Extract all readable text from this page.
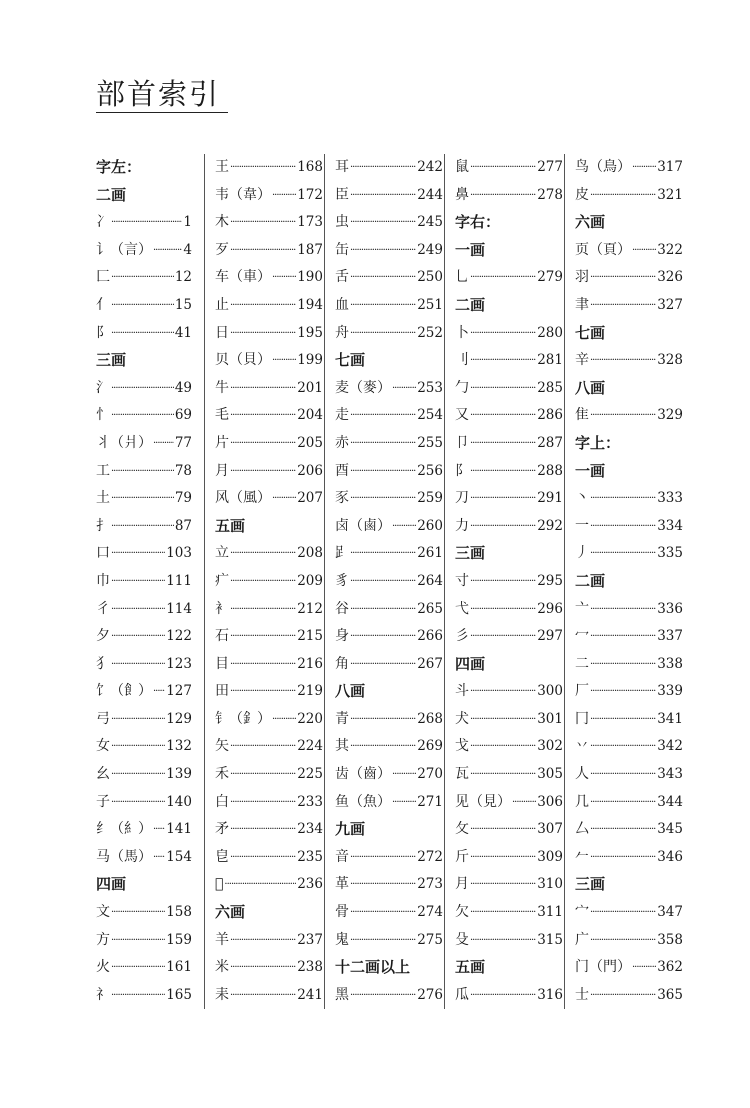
部首索引
字左：
二画
冫 ·····	1
讠（言） ····· 4
匚 ·····	12
亻 ·····	15
阝 ·····	41
三画
氵 ·····	49
忄 ·····	69
丬（爿） ····· 77
工 ·····	78
土 ·····	79
扌 ·····	87
口 ·····	103
巾 ·····	111
彳 ·····	114
夕 ·····	122
犭 ·····	123
饣（飠） ····· 127
弓 ·····	129
女 ·····	132
幺 ·····	139
子 ·····	140
纟（糹） ····· 141
马（馬） ····· 154
四画
文 ·····	158
方 ·····	159
火 ·····	161
礻 ·····	165
王 ·····	168
韦（韋） ····· 172
木 ·····	173
歹 ·····	187
车（車） ····· 190
止 ·····	194
日 ·····	195
贝（貝） ····· 199
牛 ·····	201
毛 ·····	204
片 ·····	205
月 ·····	206
风（風） ····· 207
五画
立 ·····	208
疒 ·····	209
衤 ·····	212
石 ·····	215
目 ·····	216
田 ·····	219
钅（釒） ····· 220
矢 ·····	224
禾 ·····	225
白 ·····	233
矛 ·····	234
皀 ·····	235
𤽄 ·····	236
六画
羊 ·····	237
米 ·····	238
耒 ·····	241
耳 ·····	242
臣 ·····	244
虫 ·····	245
缶 ·····	249
舌 ·····	250
血 ·····	251
舟 ·····	252
七画
麦（麥） ····· 253
走 ·····	254
赤 ·····	255
酉 ·····	256
豕 ·····	259
卤（鹵） ····· 260
𧾷 ·····	261
豸 ·····	264
谷 ·····	265
身 ·····	266
角 ·····	267
八画
青 ·····	268
其 ·····	269
齿（齒） ····· 270
鱼（魚） ····· 271
九画
音 ·····	272
革 ·····	273
骨 ·····	274
鬼 ·····	275
十二画以上
黑 ·····	276
鼠 ·····	277
鼻 ·····	278
字右：
一画
乚 ·····	279
二画
卜 ·····	280
刂 ·····	281
勹 ·····	285
又 ·····	286
卩 ·····	287
阝 ·····	288
刀 ·····	291
力 ·····	292
三画
寸 ·····	295
弋 ·····	296
彡 ·····	297
四画
斗 ·····	300
犬 ·····	301
戈 ·····	302
瓦 ·····	305
见（見） ····· 306
攵 ·····	307
斤 ·····	309
月 ·····	310
欠 ·····	311
殳 ·····	315
五画
瓜 ·····	316
鸟（鳥） ····· 317
皮 ·····	321
六画
页（頁） ····· 322
羽 ·····	326
聿 ·····	327
七画
辛 ·····	328
八画
隹 ·····	329
字上：
一画
丶 ·····	333
一 ·····	334
丿 ·····	335
二画
亠 ·····	336
冖 ·····	337
二 ·····	338
厂 ·····	339
冂 ·····	341
丷 ·····	342
人 ·····	343
几 ·····	344
厶 ·····	345
𠂉 ·····	346
三画
宀 ·····	347
广 ·····	358
门（門） ····· 362
士 ·····	365
